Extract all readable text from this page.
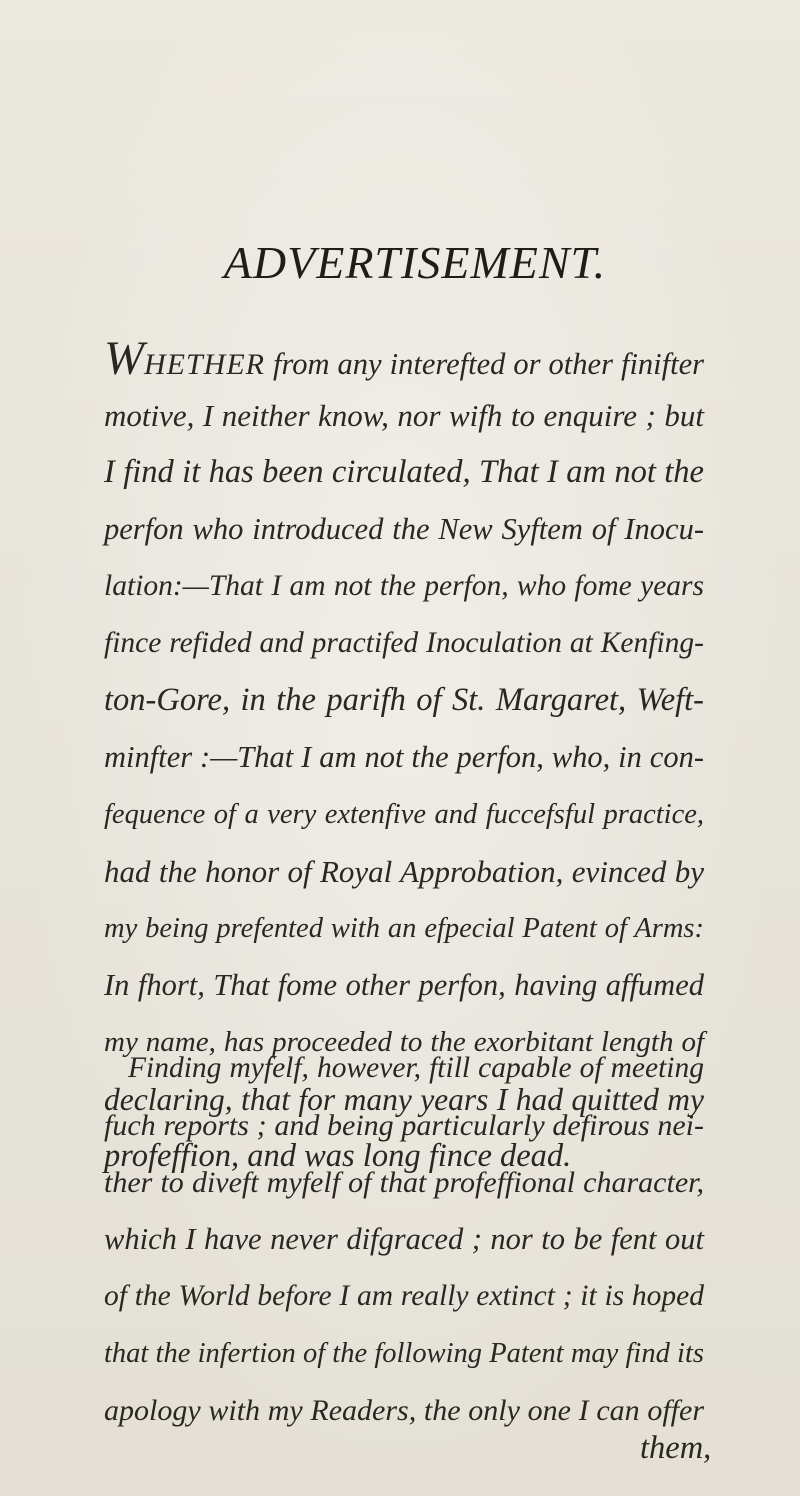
ADVERTISEMENT.
WHETHER from any interefted or other finifter
motive, I neither know, nor wifh to enquire ; but
I find it has been circulated, That I am not the
perfon who introduced the New Syftem of Inocu-
lation:—That I am not the perfon, who fome years
fince refided and practifed Inoculation at Kenfing-
ton-Gore, in the parifh of St. Margaret, Weft-
minfter :—That I am not the perfon, who, in con-
fequence of a very extenfive and fuccefsful practice,
had the honor of Royal Approbation, evinced by
my being prefented with an efpecial Patent of Arms:
In fhort, That fome other perfon, having affumed
my name, has proceeded to the exorbitant length of
declaring, that for many years I had quitted my
profeffion, and was long fince dead.
Finding myfelf, however, ftill capable of meeting
fuch reports ; and being particularly defirous nei-
ther to diveft myfelf of that profeffional character,
which I have never difgraced ; nor to be fent out
of the World before I am really extinct ; it is hoped
that the infertion of the following Patent may find its
apology with my Readers, the only one I can offer
them,
